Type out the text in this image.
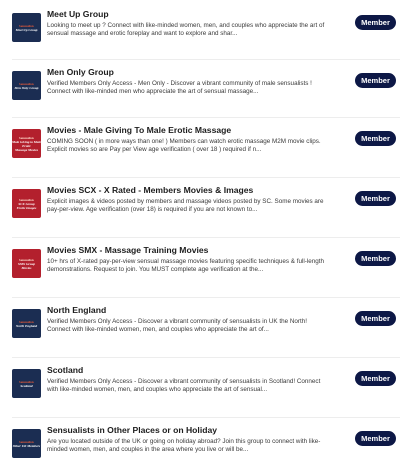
Sensualists
Meet Up Group
Meet Up Group
Looking to meet up ? Connect with like-minded women, men, and couples who appreciate the art of sensual massage and erotic foreplay and want to explore and shar...
Member
Sensualists
Men Only Group
Men Only Group
Verified Members Only Access - Men Only - Discover a vibrant community of male sensualists ! Connect with like-minded men who appreciate the art of sensual massage...
Member
Sensualists
Male Giving to Male
Erotic
Massage Movies
Movies - Male Giving To Male Erotic Massage
COMING SOON ( in more ways than one! ) Members can watch erotic massage M2M movie clips. Explicit movies so are Pay per View age verification ( over 18 ) required if n...
Member
Sensualists
SCX Group
Erotic Images
Movies SCX - X Rated - Members Movies & Images
Explicit images & videos posted by members and massage videos posted by SC. Some movies are pay-per-view. Age verification (over 18) is required if you are not known to...
Member
Sensualists
SMX Group
Movies
Movies SMX - Massage Training Movies
10+ hrs of X-rated pay-per-view sensual massage movies featuring specific techniques & full-length demonstrations. Request to join. You MUST complete age verification at the...
Member
Sensualists
North England
North England
Verified Members Only Access - Discover a vibrant community of sensualists in UK the North! Connect with like-minded women, men, and couples who appreciate the art of...
Member
Sensualists
Scotland
Scotland
Verified Members Only Access - Discover a vibrant community of sensualists in Scotland! Connect with like-minded women, men, and couples who appreciate the art of sensual...
Member
Sensualists
Other UK Members
Sensualists in Other Places or on Holiday
Are you located outside of the UK or going on holiday abroad? Join this group to connect with like-minded women, men, and couples in the area where you live or will be...
Member
